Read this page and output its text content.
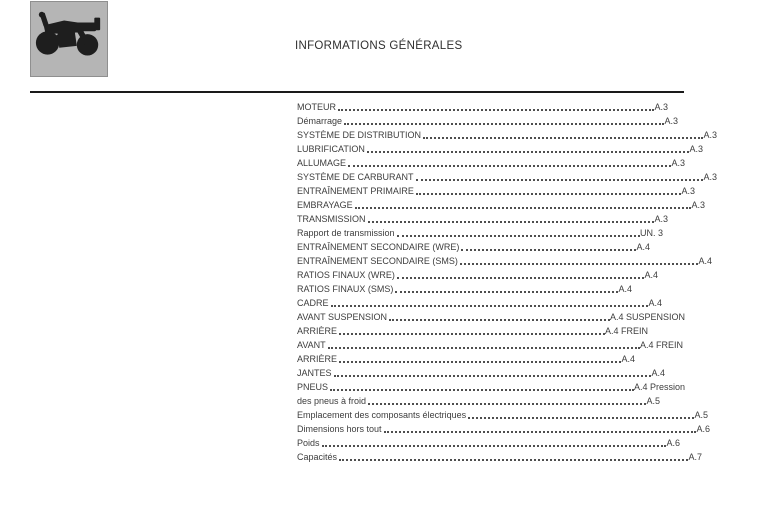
INFORMATIONS GÉNÉRALES
MOTEUR	A.3
Démarrage	A.3
SYSTÈME DE DISTRIBUTION	A.3
LUBRIFICATION	A.3
ALLUMAGE	A.3
SYSTÈME DE CARBURANT	A.3
ENTRAÎNEMENT PRIMAIRE	A.3
EMBRAYAGE	A.3
TRANSMISSION	A.3
Rapport de transmission	UN. 3
ENTRAÎNEMENT SECONDAIRE (WRE)	A.4
ENTRAÎNEMENT SECONDAIRE (SMS)	A.4
RATIOS FINAUX (WRE)	A.4
RATIOS FINAUX (SMS)	A.4
CADRE	A.4
AVANT SUSPENSION	A.4 SUSPENSION
ARRIÈRE	A.4 FREIN
AVANT	A.4 FREIN
ARRIÈRE	A.4
JANTES	A.4
PNEUS	A.4 Pression
des pneus à froid	A.5
Emplacement des composants électriques	A.5
Dimensions hors tout	A.6
Poids	A.6
Capacités	A.7
